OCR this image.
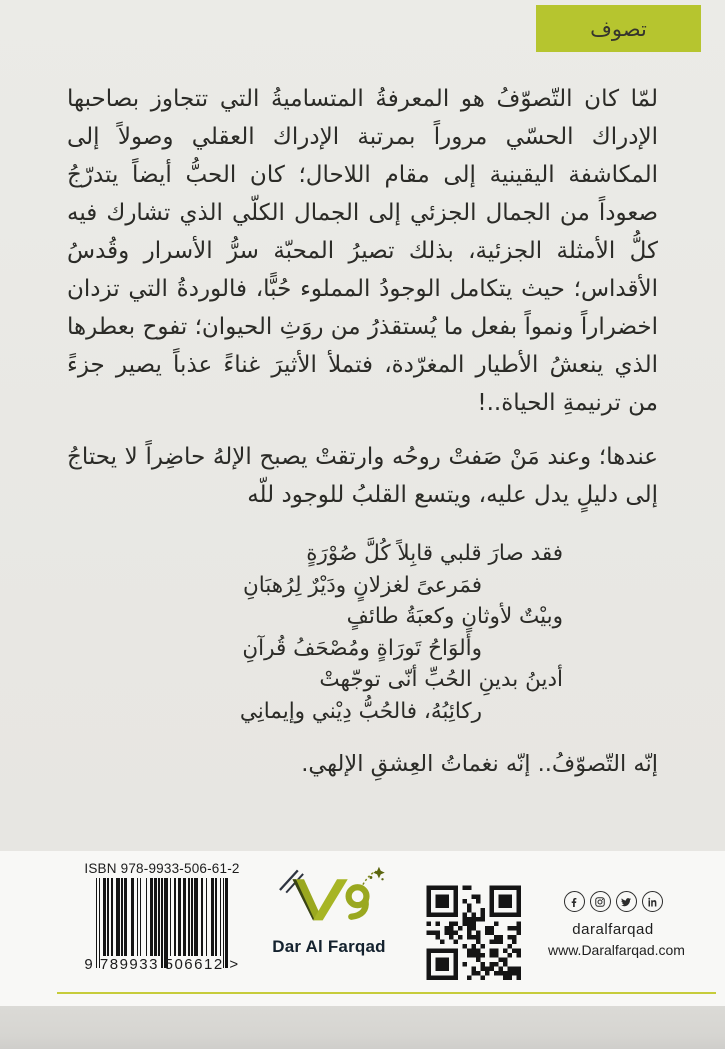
تصوف

لمّا كان التّصوّفُ هو المعرفةُ المتساميةُ التي تتجاوز بصاحبها الإدراك الحسّي مروراً بمرتبة الإدراك العقلي وصولاً إلى المكاشفة اليقينية إلى مقام اللاحال؛ كان الحبُّ أيضاً يتدرّجُ صعوداً من الجمال الجزئي إلى الجمال الكلّي الذي تشارك فيه كلُّ الأمثلة الجزئية، بذلك تصيرُ المحبّة سرُّ الأسرار وقُدسُ الأقداس؛ حيث يتكامل الوجودُ المملوء حُبًّا، فالوردةُ التي تزدان اخضراراً ونمواً بفعل ما يُستقذرُ من روَثِ الحيوان؛ تفوح بعطرها الذي ينعشُ الأطيار المغرّدة، فتملأ الأثيرَ غناءً عذباً يصير جزءً من ترنيمةِ الحياة..!

عندها؛ وعند مَنْ صَفتْ روحُه وارتقتْ يصبح الإلهُ حاضِراً لا يحتاجُ إلى دليلٍ يدل عليه، ويتسع القلبُ للوجود للّه

فقد صارَ قلبي قابِلاً كُلَّ صُوْرَةٍ
فمَرعىً لغزلانٍ ودَيْرٌ لِرُهبَانِ
وبيْتٌ لأوثانٍ وكعبَةُ طائفٍ
وألوَاحُ تَورَاةٍ ومُصْحَفُ قُرآنِ
أدينُ بدينِ الحُبِّ أنّى توجّهتْ
ركائِبُهُ، فالحُبُّ دِيْني وإيمانِي

إنّه التّصوّفُ.. إنّه نغماتُ العِشقِ الإلهي.

ISBN 978-9933-506-61-2
9 789933 506612 >
Dar Al Farqad
daralfarqad
www.Daralfarqad.com
